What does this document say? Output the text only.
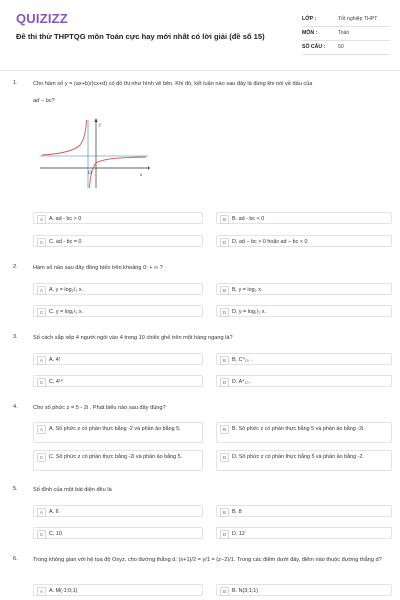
QUIZIZZ
Đề thi thử THPTQG môn Toán cực hay mới nhất có lời giải (đề số 15)
LỚP :	Tốt nghiệp THPT
MÔN :	Toán
SỐ CÂU : 50
1.	Cho hàm số y = (ax+b)/(cx+d) có đồ thị như hình vẽ bên. Khi đó, kết luận nào sau đây là đúng khi nói về dấu của
ad − bc?
y
x
O
A	A. ad - bc > 0	B	B. ad - bc < 0
C	C. ad - bc = 0	D	D. ad − bc > 0 hoặc ad − bc < 0
2.	Hàm số nào sau đây đồng biến trên khoảng 0; + ∞ ?
A	A. y = log₂/₃ x.	B	B. y = log₂ x.
C	C. y = log₁/₃ x.	D	D. y = log₁/₂ x.
3.	Số cách sắp xếp 4 người ngồi vào 4 trong 10 chiếc ghế trên một hàng ngang là?
A	A. 4!	B	B. C⁴₁₀ .
C	C. 4¹⁰	D	D. A⁴₁₀ .
4.	Cho số phức z = 5 - 2i . Phát biểu nào sau đây đúng?
A	A. Số phức z có phần thực bằng -2 và phần ảo bằng 5.	B	B. Số phức z có phần thực bằng 5 và phần ảo bằng -2i.
C	C. Số phức z có phần thực bằng -2i và phần ảo bằng 5.	D	D. Số phức z có phần thực bằng 5 và phần ảo bằng -2.
5.	Số đỉnh của một bát diện đều là
A	A. 6	B	B. 8
C	C. 10	D	D. 12
6.	Trong không gian với hệ tọa độ Oxyz, cho đường thẳng d: (x+1)/2 = y/1 = (z−2)/1. Trong các điểm dưới đây, điểm nào thuộc đường thẳng d?
A	A. M(-1;0;1)	B	B. N(3;1;1)
